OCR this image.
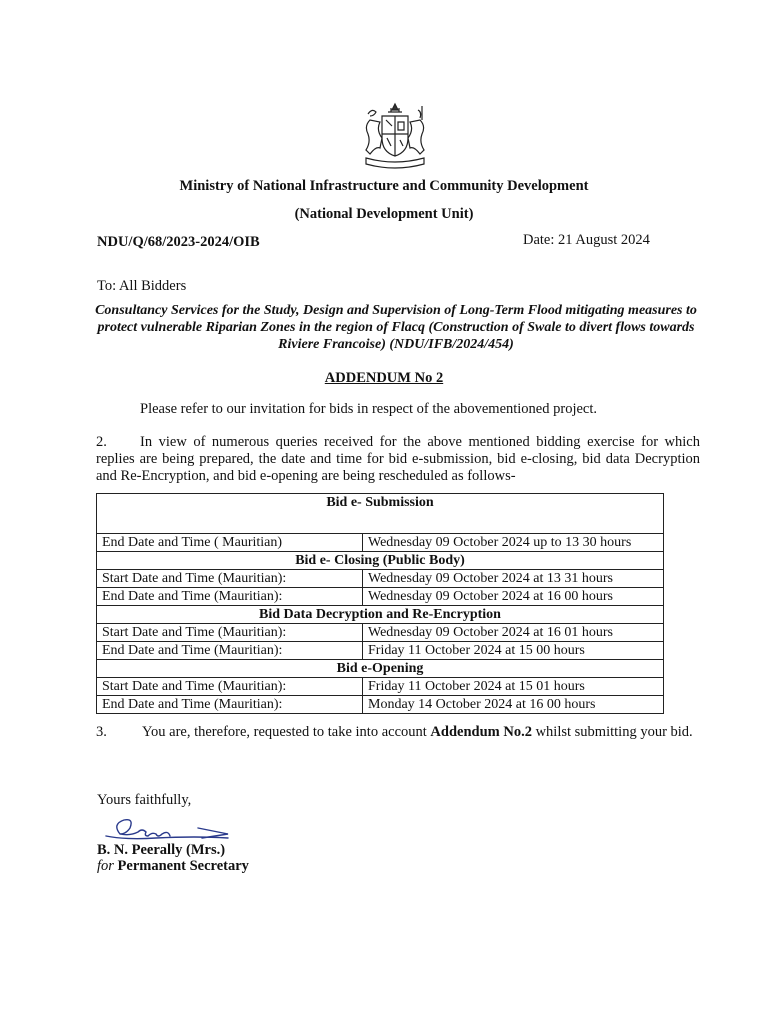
Ministry of National Infrastructure and Community Development
(National Development Unit)
NDU/Q/68/2023-2024/OIB	Date: 21 August 2024
To: All Bidders
Consultancy Services for the Study, Design and Supervision of Long-Term Flood mitigating measures to protect vulnerable Riparian Zones in the region of Flacq (Construction of Swale to divert flows towards Riviere Francoise) (NDU/IFB/2024/454)
ADDENDUM No 2
Please refer to our invitation for bids in respect of the abovementioned project.
2. In view of numerous queries received for the above mentioned bidding exercise for which replies are being prepared, the date and time for bid e-submission, bid e-closing, bid data Decryption and Re-Encryption, and bid e-opening are being rescheduled as follows-
Bid e- Submission	

End Date and Time ( Mauritian)	Wednesday 09 October 2024 up to 13 30 hours
Bid e- Closing (Public Body)	
Start Date and Time (Mauritian):	Wednesday 09 October 2024 at 13 31 hours
End Date and Time (Mauritian):	Wednesday 09 October 2024 at 16 00 hours
Bid Data Decryption and Re-Encryption	
Start Date and Time (Mauritian):	Wednesday 09 October 2024 at 16 01 hours
End Date and Time (Mauritian):	Friday 11 October 2024 at 15 00 hours
Bid e-Opening	
Start Date and Time (Mauritian):	Friday 11 October 2024 at 15 01 hours
End Date and Time (Mauritian):	Monday 14 October 2024 at 16 00 hours
3. You are, therefore, requested to take into account Addendum No.2 whilst submitting your bid.
Yours faithfully,
B. N. Peerally (Mrs.)
for Permanent Secretary
